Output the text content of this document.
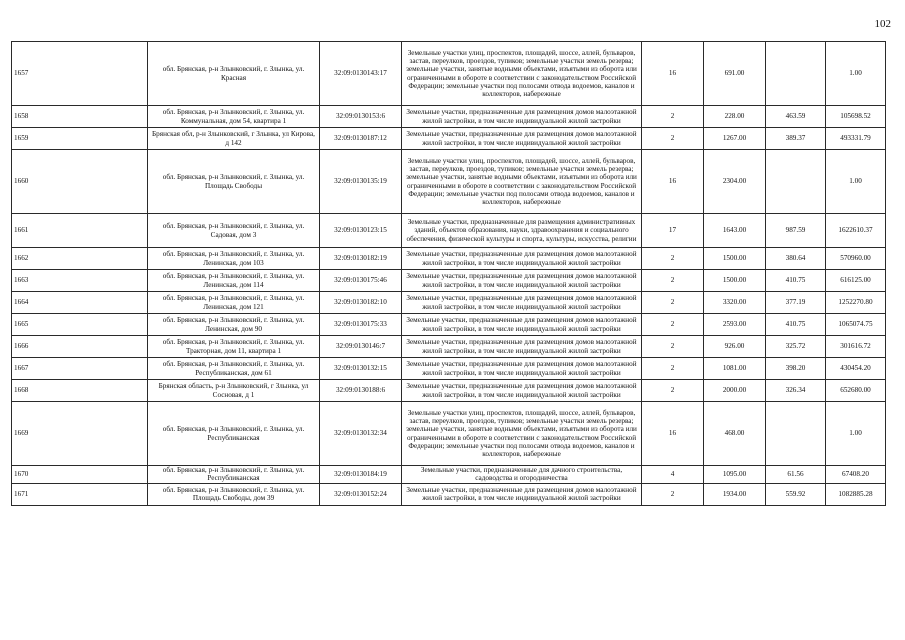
102
1657	обл. Брянская, р-н Злынковский, г. Злынка, ул. Красная	32:09:0130143:17	Земельные участки улиц, проспектов, площадей, шоссе, аллей, бульваров, застав, переулков, проездов, тупиков; земельные участки земель резерва; земельные участки, занятые водными объектами, изъятыми из оборота или ограниченными в обороте в соответствии с законодательством Российской Федерации; земельные участки под полосами отвода водоемов, каналов и коллекторов, набережные	16	691.00		1.00
1658	обл. Брянская, р-н Злынковский, г. Злынка, ул. Коммунальная, дом 54, квартира 1	32:09:0130153:6	Земельные участки, предназначенные для размещения домов малоэтажной жилой застройки, в том числе индивидуальной жилой застройки	2	228.00	463.59	105698.52
1659	Брянская обл, р-н Злынковский, г Злынка, ул Кирова, д 142	32:09:0130187:12	Земельные участки, предназначенные для размещения домов малоэтажной жилой застройки, в том числе индивидуальной жилой застройки	2	1267.00	389.37	493331.79
1660	обл. Брянская, р-н Злынковский, г. Злынка, ул. Площадь Свободы	32:09:0130135:19	Земельные участки улиц, проспектов, площадей, шоссе, аллей, бульваров, застав, переулков, проездов, тупиков; земельные участки земель резерва; земельные участки, занятые водными объектами, изъятыми из оборота или ограниченными в обороте в соответствии с законодательством Российской Федерации; земельные участки под полосами отвода водоемов, каналов и коллекторов, набережные	16	2304.00		1.00
1661	обл. Брянская, р-н Злынковский, г. Злынка, ул. Садовая, дом 3	32:09:0130123:15	Земельные участки, предназначенные для размещения административных зданий, объектов образования, науки, здравоохранения и социального обеспечения, физической культуры и спорта, культуры, искусства, религии	17	1643.00	987.59	1622610.37
1662	обл. Брянская, р-н Злынковский, г. Злынка, ул. Ленинская, дом 103	32:09:0130182:19	Земельные участки, предназначенные для размещения домов малоэтажной жилой застройки, в том числе индивидуальной жилой застройки	2	1500.00	380.64	570960.00
1663	обл. Брянская, р-н Злынковский, г. Злынка, ул. Ленинская, дом 114	32:09:0130175:46	Земельные участки, предназначенные для размещения домов малоэтажной жилой застройки, в том числе индивидуальной жилой застройки	2	1500.00	410.75	616125.00
1664	обл. Брянская, р-н Злынковский, г. Злынка, ул. Ленинская, дом 121	32:09:0130182:10	Земельные участки, предназначенные для размещения домов малоэтажной жилой застройки, в том числе индивидуальной жилой застройки	2	3320.00	377.19	1252270.80
1665	обл. Брянская, р-н Злынковский, г. Злынка, ул. Ленинская, дом 90	32:09:0130175:33	Земельные участки, предназначенные для размещения домов малоэтажной жилой застройки, в том числе индивидуальной жилой застройки	2	2593.00	410.75	1065074.75
1666	обл. Брянская, р-н Злынковский, г. Злынка, ул. Тракторная, дом 11, квартира 1	32:09:0130146:7	Земельные участки, предназначенные для размещения домов малоэтажной жилой застройки, в том числе индивидуальной жилой застройки	2	926.00	325.72	301616.72
1667	обл. Брянская, р-н Злынковский, г. Злынка, ул. Республиканская, дом 61	32:09:0130132:15	Земельные участки, предназначенные для размещения домов малоэтажной жилой застройки, в том числе индивидуальной жилой застройки	2	1081.00	398.20	430454.20
1668	Брянская область, р-н Злынковский, г Злынка, ул Сосновая, д 1	32:09:0130188:6	Земельные участки, предназначенные для размещения домов малоэтажной жилой застройки, в том числе индивидуальной жилой застройки	2	2000.00	326.34	652680.00
1669	обл. Брянская, р-н Злынковский, г. Злынка, ул. Республиканская	32:09:0130132:34	Земельные участки улиц, проспектов, площадей, шоссе, аллей, бульваров, застав, переулков, проездов, тупиков; земельные участки земель резерва; земельные участки, занятые водными объектами, изъятыми из оборота или ограниченными в обороте в соответствии с законодательством Российской Федерации; земельные участки под полосами отвода водоемов, каналов и коллекторов, набережные	16	468.00		1.00
1670	обл. Брянская, р-н Злынковский, г. Злынка, ул. Республиканская	32:09:0130184:19	Земельные участки, предназначенные для дачного строительства, садоводства и огородничества	4	1095.00	61.56	67408.20
1671	обл. Брянская, р-н Злынковский, г. Злынка, ул. Площадь Свободы, дом 39	32:09:0130152:24	Земельные участки, предназначенные для размещения домов малоэтажной жилой застройки, в том числе индивидуальной жилой застройки	2	1934.00	559.92	1082885.28
